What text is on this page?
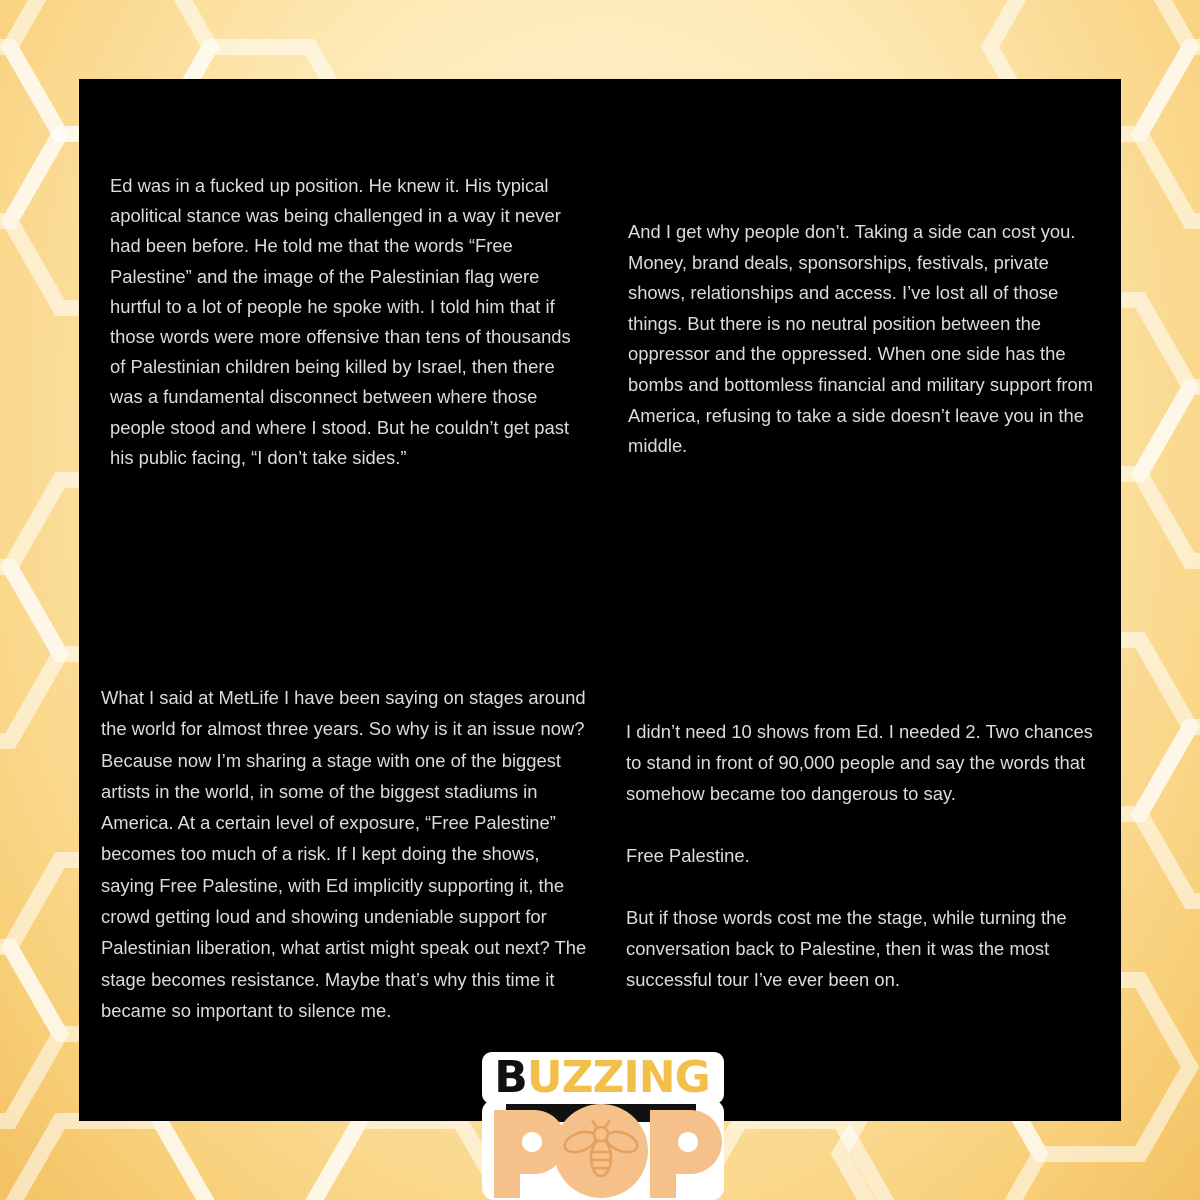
Ed was in a fucked up position. He knew it. His typical apolitical stance was being challenged in a way it never had been before. He told me that the words “Free Palestine” and the image of the Palestinian flag were hurtful to a lot of people he spoke with. I told him that if those words were more offensive than tens of thousands of Palestinian children being killed by Israel, then there was a fundamental disconnect between where those people stood and where I stood. But he couldn’t get past his public facing, “I don’t take sides.”
And I get why people don’t. Taking a side can cost you. Money, brand deals, sponsorships, festivals, private shows, relationships and access. I’ve lost all of those things. But there is no neutral position between the oppressor and the oppressed. When one side has the bombs and bottomless financial and military support from America, refusing to take a side doesn’t leave you in the middle.
What I said at MetLife I have been saying on stages around the world for almost three years. So why is it an issue now? Because now I’m sharing a stage with one of the biggest artists in the world, in some of the biggest stadiums in America. At a certain level of exposure, “Free Palestine” becomes too much of a risk. If I kept doing the shows, saying Free Palestine, with Ed implicitly supporting it, the crowd getting loud and showing undeniable support for Palestinian liberation, what artist might speak out next? The stage becomes resistance. Maybe that’s why this time it became so important to silence me.
I didn’t need 10 shows from Ed. I needed 2. Two chances to stand in front of 90,000 people and say the words that somehow became too dangerous to say.

Free Palestine.

But if those words cost me the stage, while turning the conversation back to Palestine, then it was the most successful tour I’ve ever been on.
BUZZING
